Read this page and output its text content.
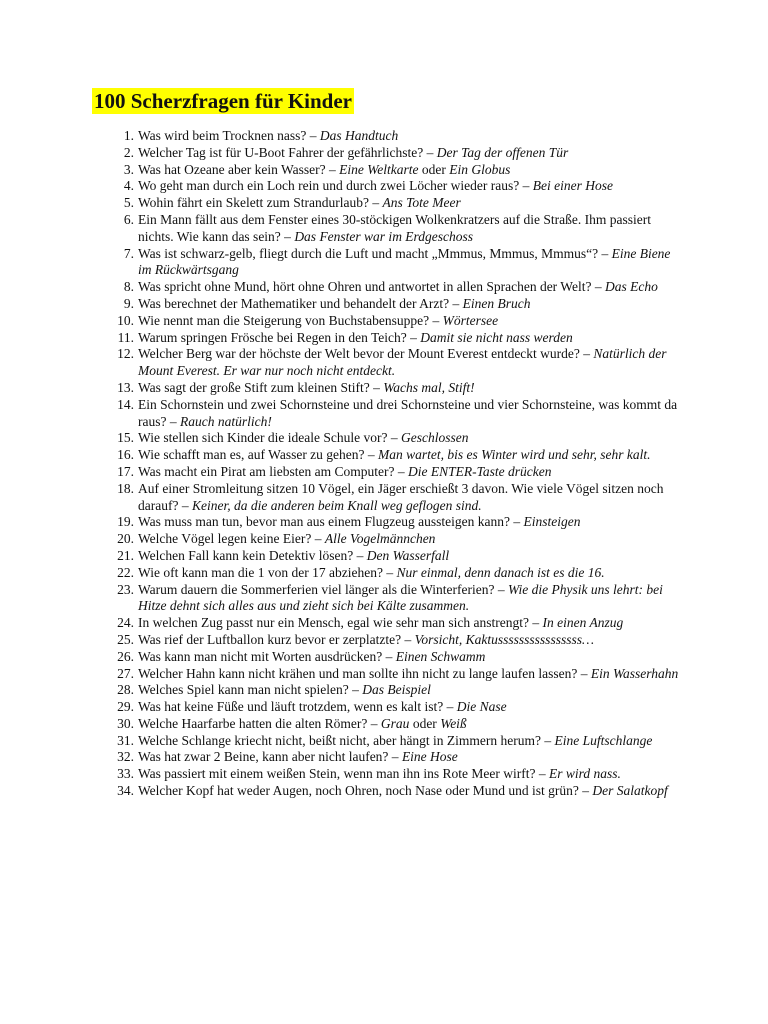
100 Scherzfragen für Kinder
1 . Was wird beim Trocknen nass? – Das Handtuch
2 . Welcher Tag ist für U-Boot Fahrer der gefährlichste? – Der Tag der offenen Tür
3 . Was hat Ozeane aber kein Wasser? – Eine Weltkarte oder Ein Globus
4 . Wo geht man durch ein Loch rein und durch zwei Löcher wieder raus? – Bei einer Hose
5 . Wohin fährt ein Skelett zum Strandurlaub? – Ans Tote Meer
6 . Ein Mann fällt aus dem Fenster eines 30-stöckigen Wolkenkratzers auf die Straße. Ihm passiert nichts. Wie kann das sein? – Das Fenster war im Erdgeschoss
7 . Was ist schwarz-gelb, fliegt durch die Luft und macht „Mmmus, Mmmus, Mmmus“? – Eine Biene im Rückwärtsgang
8 . Was spricht ohne Mund, hört ohne Ohren und antwortet in allen Sprachen der Welt? – Das Echo
9 . Was berechnet der Mathematiker und behandelt der Arzt? – Einen Bruch
10 . Wie nennt man die Steigerung von Buchstabensuppe? – Wörtersee
11 . Warum springen Frösche bei Regen in den Teich? – Damit sie nicht nass werden
12 . Welcher Berg war der höchste der Welt bevor der Mount Everest entdeckt wurde? – Natürlich der Mount Everest. Er war nur noch nicht entdeckt.
13 . Was sagt der große Stift zum kleinen Stift? – Wachs mal, Stift!
14 . Ein Schornstein und zwei Schornsteine und drei Schornsteine und vier Schornsteine, was kommt da raus? – Rauch natürlich!
15 . Wie stellen sich Kinder die ideale Schule vor? – Geschlossen
16 . Wie schafft man es, auf Wasser zu gehen? – Man wartet, bis es Winter wird und sehr, sehr kalt.
17 . Was macht ein Pirat am liebsten am Computer? – Die ENTER-Taste drücken
18 . Auf einer Stromleitung sitzen 10 Vögel, ein Jäger erschießt 3 davon. Wie viele Vögel sitzen noch darauf? – Keiner, da die anderen beim Knall weg geflogen sind.
19 . Was muss man tun, bevor man aus einem Flugzeug aussteigen kann? – Einsteigen
20 . Welche Vögel legen keine Eier? – Alle Vogelmännchen
21 . Welchen Fall kann kein Detektiv lösen? – Den Wasserfall
22 . Wie oft kann man die 1 von der 17 abziehen? – Nur einmal, denn danach ist es die 16.
23 . Warum dauern die Sommerferien viel länger als die Winterferien? – Wie die Physik uns lehrt: bei Hitze dehnt sich alles aus und zieht sich bei Kälte zusammen.
24 . In welchen Zug passt nur ein Mensch, egal wie sehr man sich anstrengt? – In einen Anzug
25 . Was rief der Luftballon kurz bevor er zerplatzte? – Vorsicht, Kaktussssssssssssssss…
26 . Was kann man nicht mit Worten ausdrücken? – Einen Schwamm
27 . Welcher Hahn kann nicht krähen und man sollte ihn nicht zu lange laufen lassen? – Ein Wasserhahn
28 . Welches Spiel kann man nicht spielen? – Das Beispiel
29 . Was hat keine Füße und läuft trotzdem, wenn es kalt ist? – Die Nase
30 . Welche Haarfarbe hatten die alten Römer? – Grau oder Weiß
31 . Welche Schlange kriecht nicht, beißt nicht, aber hängt in Zimmern herum? – Eine Luftschlange
32 . Was hat zwar 2 Beine, kann aber nicht laufen? – Eine Hose
33 . Was passiert mit einem weißen Stein, wenn man ihn ins Rote Meer wirft? – Er wird nass.
34 . Welcher Kopf hat weder Augen, noch Ohren, noch Nase oder Mund und ist grün? – Der Salatkopf
